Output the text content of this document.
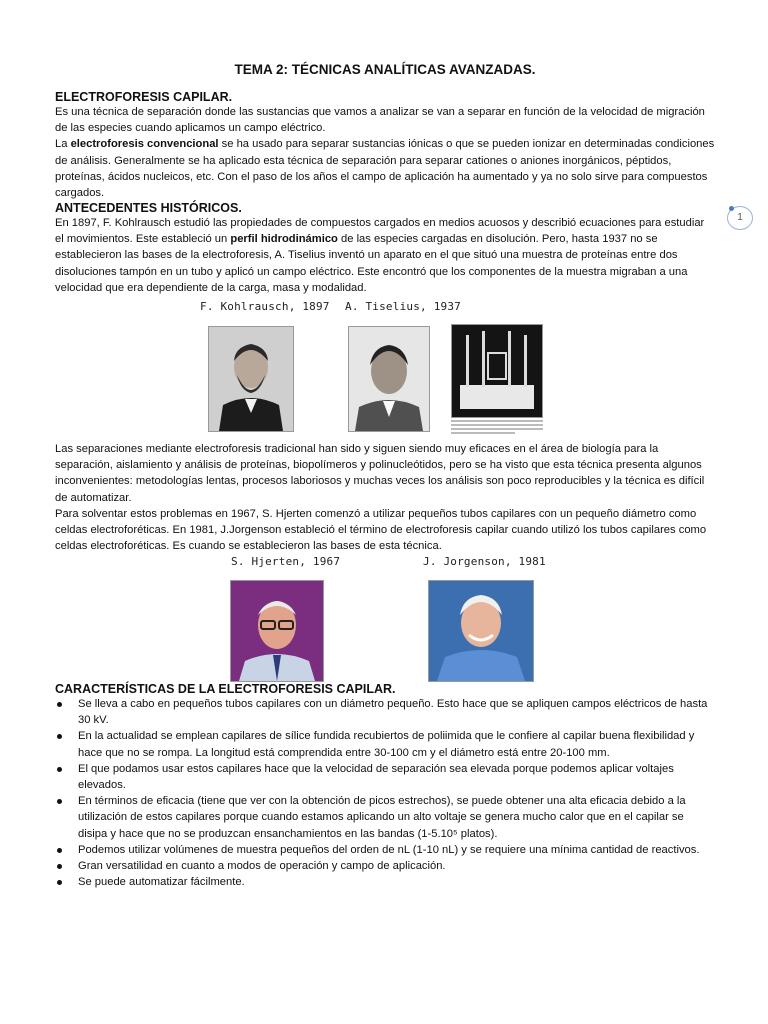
TEMA 2: TÉCNICAS ANALÍTICAS AVANZADAS.

ELECTROFORESIS CAPILAR.

Es una técnica de separación donde las sustancias que vamos a analizar se van a separar en función de la velocidad de migración de las especies cuando aplicamos un campo eléctrico.

La electroforesis convencional se ha usado para separar sustancias iónicas o que se pueden ionizar en determinadas condiciones de análisis. Generalmente se ha aplicado esta técnica de separación para separar cationes o aniones inorgánicos, péptidos, proteínas, ácidos nucleicos, etc. Con el paso de los años el campo de aplicación ha aumentado y ya no solo sirve para compuestos cargados.

ANTECEDENTES HISTÓRICOS.

En 1897, F. Kohlrausch estudió las propiedades de compuestos cargados en medios acuosos y describió ecuaciones para estudiar el movimientos. Este estableció un perfil hidrodinámico de las especies cargadas en disolución. Pero, hasta 1937 no se establecieron las bases de la electroforesis, A. Tiselius inventó un aparato en el que situó una muestra de proteínas entre dos disoluciones tampón en un tubo y aplicó un campo eléctrico. Este encontró que los componentes de la muestra migraban a una velocidad que era dependiente de la carga, masa y modalidad.

F. Kohlrausch, 1897 A. Tiselius, 1937

Las separaciones mediante electroforesis tradicional han sido y siguen siendo muy eficaces en el área de biología para la separación, aislamiento y análisis de proteínas, biopolímeros y polinucleótidos, pero se ha visto que esta técnica presenta algunos inconvenientes: metodologías lentas, procesos laboriosos y muchas veces los análisis son poco reproducibles y la técnica es difícil de automatizar.

Para solventar estos problemas en 1967, S. Hjerten comenzó a utilizar pequeños tubos capilares con un pequeño diámetro como celdas electroforéticas. En 1981, J.Jorgenson estableció el término de electroforesis capilar cuando utilizó los tubos capilares como celdas electroforéticas. Es cuando se establecieron las bases de esta técnica.

S. Hjerten, 1967	J. Jorgenson, 1981

CARACTERÍSTICAS DE LA ELECTROFORESIS CAPILAR.

Se lleva a cabo en pequeños tubos capilares con un diámetro pequeño. Esto hace que se apliquen campos eléctricos de hasta 30 kV.
En la actualidad se emplean capilares de sílice fundida recubiertos de poliimida que le confiere al capilar buena flexibilidad y hace que no se rompa. La longitud está comprendida entre 30-100 cm y el diámetro está entre 20-100 mm.
El que podamos usar estos capilares hace que la velocidad de separación sea elevada porque podemos aplicar voltajes elevados.
En términos de eficacia (tiene que ver con la obtención de picos estrechos), se puede obtener una alta eficacia debido a la utilización de estos capilares porque cuando estamos aplicando un alto voltaje se genera mucho calor que en el capilar se disipa y hace que no se produzcan ensanchamientos en las bandas (1-5.10⁵ platos).
Podemos utilizar volúmenes de muestra pequeños del orden de nL (1-10 nL) y se requiere una mínima cantidad de reactivos.
Gran versatilidad en cuanto a modos de operación y campo de aplicación.
Se puede automatizar fácilmente.
1
